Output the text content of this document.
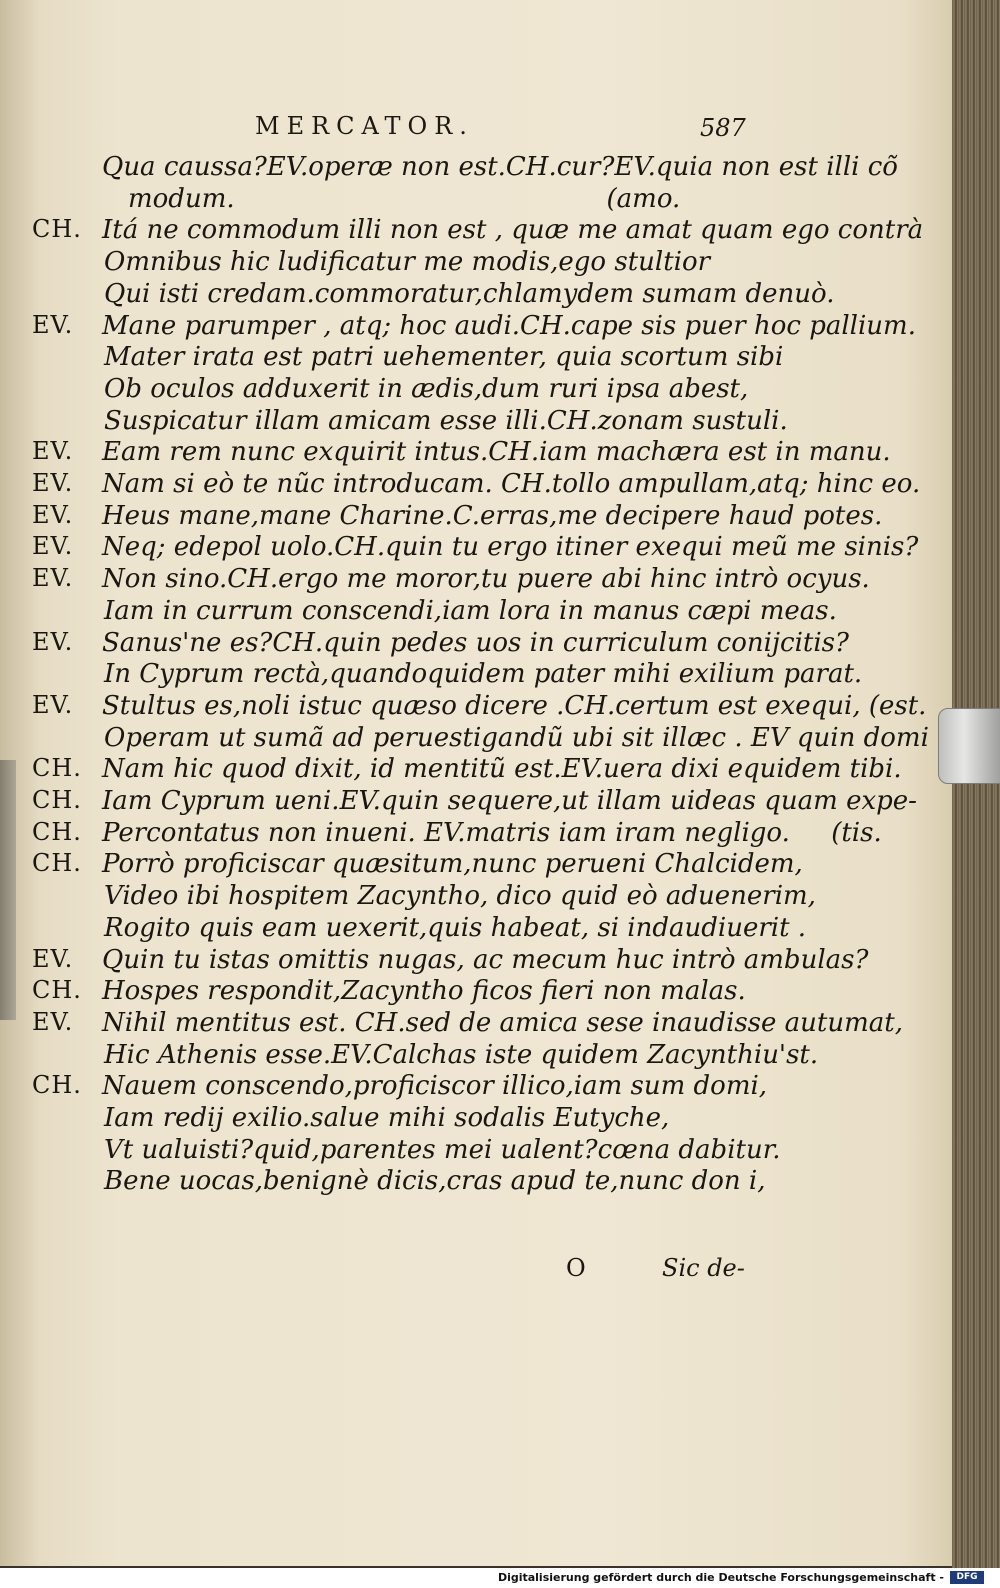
MERCATOR.	587
Qua caussa?EV.operæ non est.CH.cur?EV.quia non est illi cõ
modum.                                             (amo.
CH. Itá ne commodum illi non est , quæ me amat quam ego contrà
Omnibus hic ludificatur me modis,ego stultior
Qui isti credam.commoratur,chlamydem sumam denuò.
EV. Mane parumper , atq; hoc audi.CH.cape sis puer hoc pallium.
Mater irata est patri uehementer, quia scortum sibi
Ob oculos adduxerit in ædis,dum ruri ipsa abest,
Suspicatur illam amicam esse illi.CH.zonam sustuli.
EV. Eam rem nunc exquirit intus.CH.iam machæra est in manu.
EV. Nam si eò te nũc introducam. CH.tollo ampullam,atq; hinc eo.
EV. Heus mane,mane Charine.C.erras,me decipere haud potes.
EV. Neq; edepol uolo.CH.quin tu ergo itiner exequi meũ me sinis?
EV. Non sino.CH.ergo me moror,tu puere abi hinc intrò ocyus.
Iam in currum conscendi,iam lora in manus cæpi meas.
EV. Sanus'ne es?CH.quin pedes uos in curriculum conijcitis?
In Cyprum rectà,quandoquidem pater mihi exilium parat.
EV. Stultus es,noli istuc quæso dicere .CH.certum est exequi, (est.
Operam ut sumã ad peruestigandũ ubi sit illæc . EV quin domi
CH. Nam hic quod dixit, id mentitũ est.EV.uera dixi equidem tibi.
CH. Iam Cyprum ueni.EV.quin sequere,ut illam uideas quam expe-
CH. Percontatus non inueni. EV.matris iam iram negligo.     (tis.
CH. Porrò proficiscar quæsitum,nunc perueni Chalcidem,
Video ibi hospitem Zacyntho, dico quid eò aduenerim,
Rogito quis eam uexerit,quis habeat, si indaudiuerit .
EV. Quin tu istas omittis nugas, ac mecum huc intrò ambulas?
CH. Hospes respondit,Zacyntho ficos fieri non malas.
EV. Nihil mentitus est. CH.sed de amica sese inaudisse autumat,
Hic Athenis esse.EV.Calchas iste quidem Zacynthiu'st.
CH. Nauem conscendo,proficiscor illico,iam sum domi,
Iam redij exilio.salue mihi sodalis Eutyche,
Vt ualuisti?quid,parentes mei ualent?cœna dabitur.
Bene uocas,benignè dicis,cras apud te,nunc don i,
O	Sic de-
Digitalisierung gefördert durch die Deutsche Forschungsgemeinschaft -	DFG
